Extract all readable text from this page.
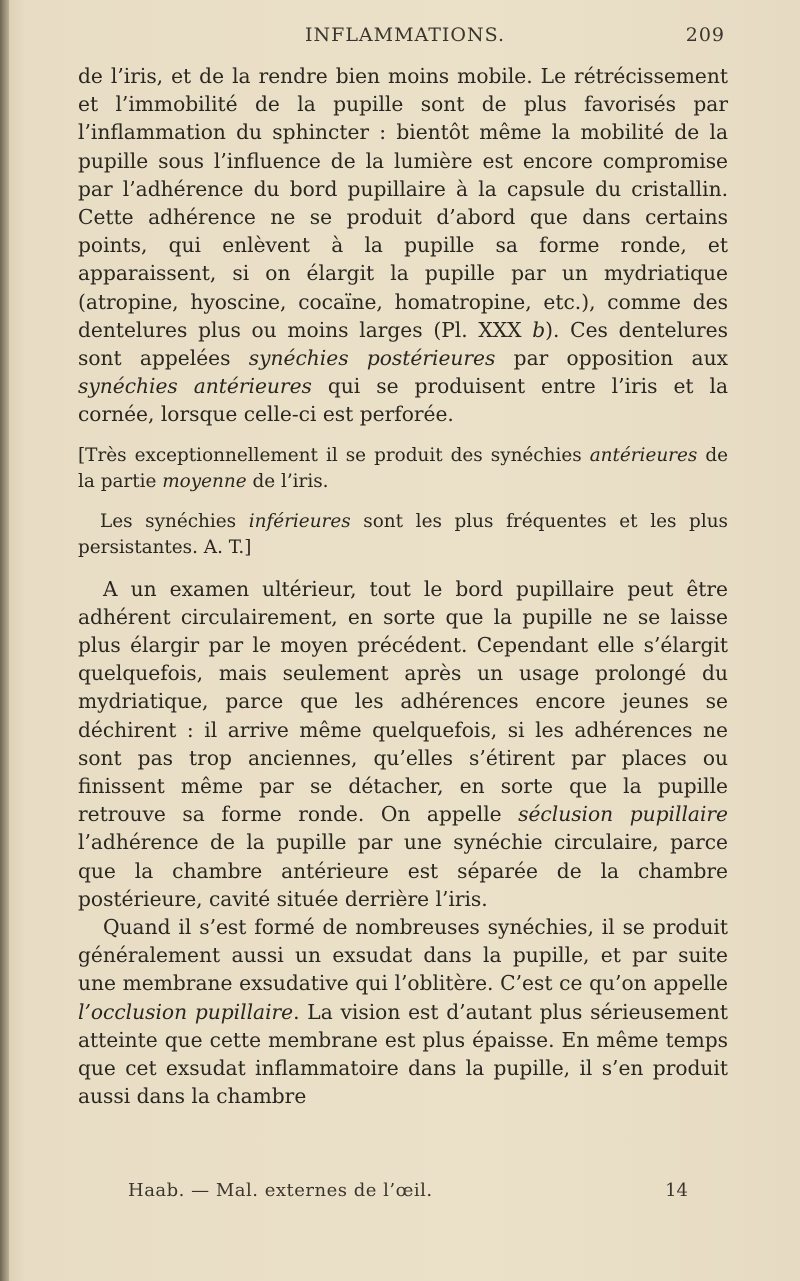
INFLAMMATIONS.	209

de l’iris, et de la rendre bien moins mobile. Le rétrécissement et l’immobilité de la pupille sont de plus favorisés par l’inflammation du sphincter : bientôt même la mobilité de la pupille sous l’influence de la lumière est encore compromise par l’adhérence du bord pupillaire à la capsule du cristallin. Cette adhérence ne se produit d’abord que dans certains points, qui enlèvent à la pupille sa forme ronde, et apparaissent, si on élargit la pupille par un mydriatique (atropine, hyoscine, cocaïne, homatropine, etc.), comme des dentelures plus ou moins larges (Pl. XXX b). Ces dentelures sont appelées synéchies postérieures par opposition aux synéchies antérieures qui se produisent entre l’iris et la cornée, lorsque celle-ci est perforée.

[Très exceptionnellement il se produit des synéchies antérieures de la partie moyenne de l’iris.

Les synéchies inférieures sont les plus fréquentes et les plus persistantes. A. T.]

A un examen ultérieur, tout le bord pupillaire peut être adhérent circulairement, en sorte que la pupille ne se laisse plus élargir par le moyen précédent. Cependant elle s’élargit quelquefois, mais seulement après un usage prolongé du mydriatique, parce que les adhérences encore jeunes se déchirent : il arrive même quelquefois, si les adhérences ne sont pas trop anciennes, qu’elles s’étirent par places ou finissent même par se détacher, en sorte que la pupille retrouve sa forme ronde. On appelle séclusion pupillaire l’adhérence de la pupille par une synéchie circulaire, parce que la chambre antérieure est séparée de la chambre postérieure, cavité située derrière l’iris.

Quand il s’est formé de nombreuses synéchies, il se produit généralement aussi un exsudat dans la pupille, et par suite une membrane exsudative qui l’oblitère. C’est ce qu’on appelle l’occlusion pupillaire. La vision est d’autant plus sérieusement atteinte que cette membrane est plus épaisse. En même temps que cet exsudat inflammatoire dans la pupille, il s’en produit aussi dans la chambre

Haab. — Mal. externes de l’œil.	14
